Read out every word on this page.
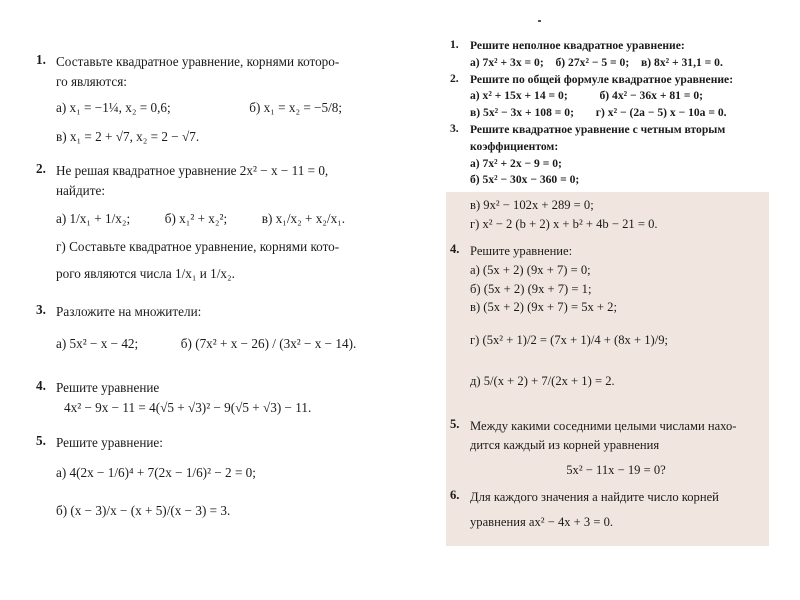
1. Составьте квадратное уравнение, корнями которо-
го являются:
а) x₁ = −1¼, x₂ = 0,6;	б) x₁ = x₂ = −5/8;
в) x₁ = 2 + √7, x₂ = 2 − √7.
2. Не решая квадратное уравнение 2x² − x − 11 = 0,
найдите:
а) 1/x₁ + 1/x₂;	б) x₁² + x₂²;	в) x₁/x₂ + x₂/x₁.
г) Составьте квадратное уравнение, корнями кото-
рого являются числа 1/x₁ и 1/x₂.
3. Разложите на множители:
а) 5x² − x − 42;	б) (7x² + x − 26) / (3x² − x − 14).
4. Решите уравнение
4x² − 9x − 11 = 4(√5 + √3)² − 9(√5 + √3) − 11.
5. Решите уравнение:
а) 4(2x − 1/6)⁴ + 7(2x − 1/6)² − 2 = 0;
б) (x − 3)/x − (x + 5)/(x − 3) = 3.
1. Решите неполное квадратное уравнение:
а) 7x² + 3x = 0; б) 27x² − 5 = 0; в) 8x² + 31,1 = 0.
2. Решите по общей формуле квадратное уравнение:
а) x² + 15x + 14 = 0;	б) 4x² − 36x + 81 = 0;
в) 5x² − 3x + 108 = 0; г) x² − (2a − 5) x − 10a = 0.
3. Решите квадратное уравнение с четным вторым
коэффициентом:
а) 7x² + 2x − 9 = 0;
б) 5x² − 30x − 360 = 0;
в) 9x² − 102x + 289 = 0;
г) x² − 2 (b + 2) x + b² + 4b − 21 = 0.
4. Решите уравнение:
а) (5x + 2) (9x + 7) = 0;
б) (5x + 2) (9x + 7) = 1;
в) (5x + 2) (9x + 7) = 5x + 2;
г) (5x² + 1)/2 = (7x + 1)/4 + (8x + 1)/9;
д) 5/(x + 2) + 7/(2x + 1) = 2.
5. Между какими соседними целыми числами нахо-
дится каждый из корней уравнения
5x² − 11x − 19 = 0?
6. Для каждого значения a найдите число корней
уравнения ax² − 4x + 3 = 0.
